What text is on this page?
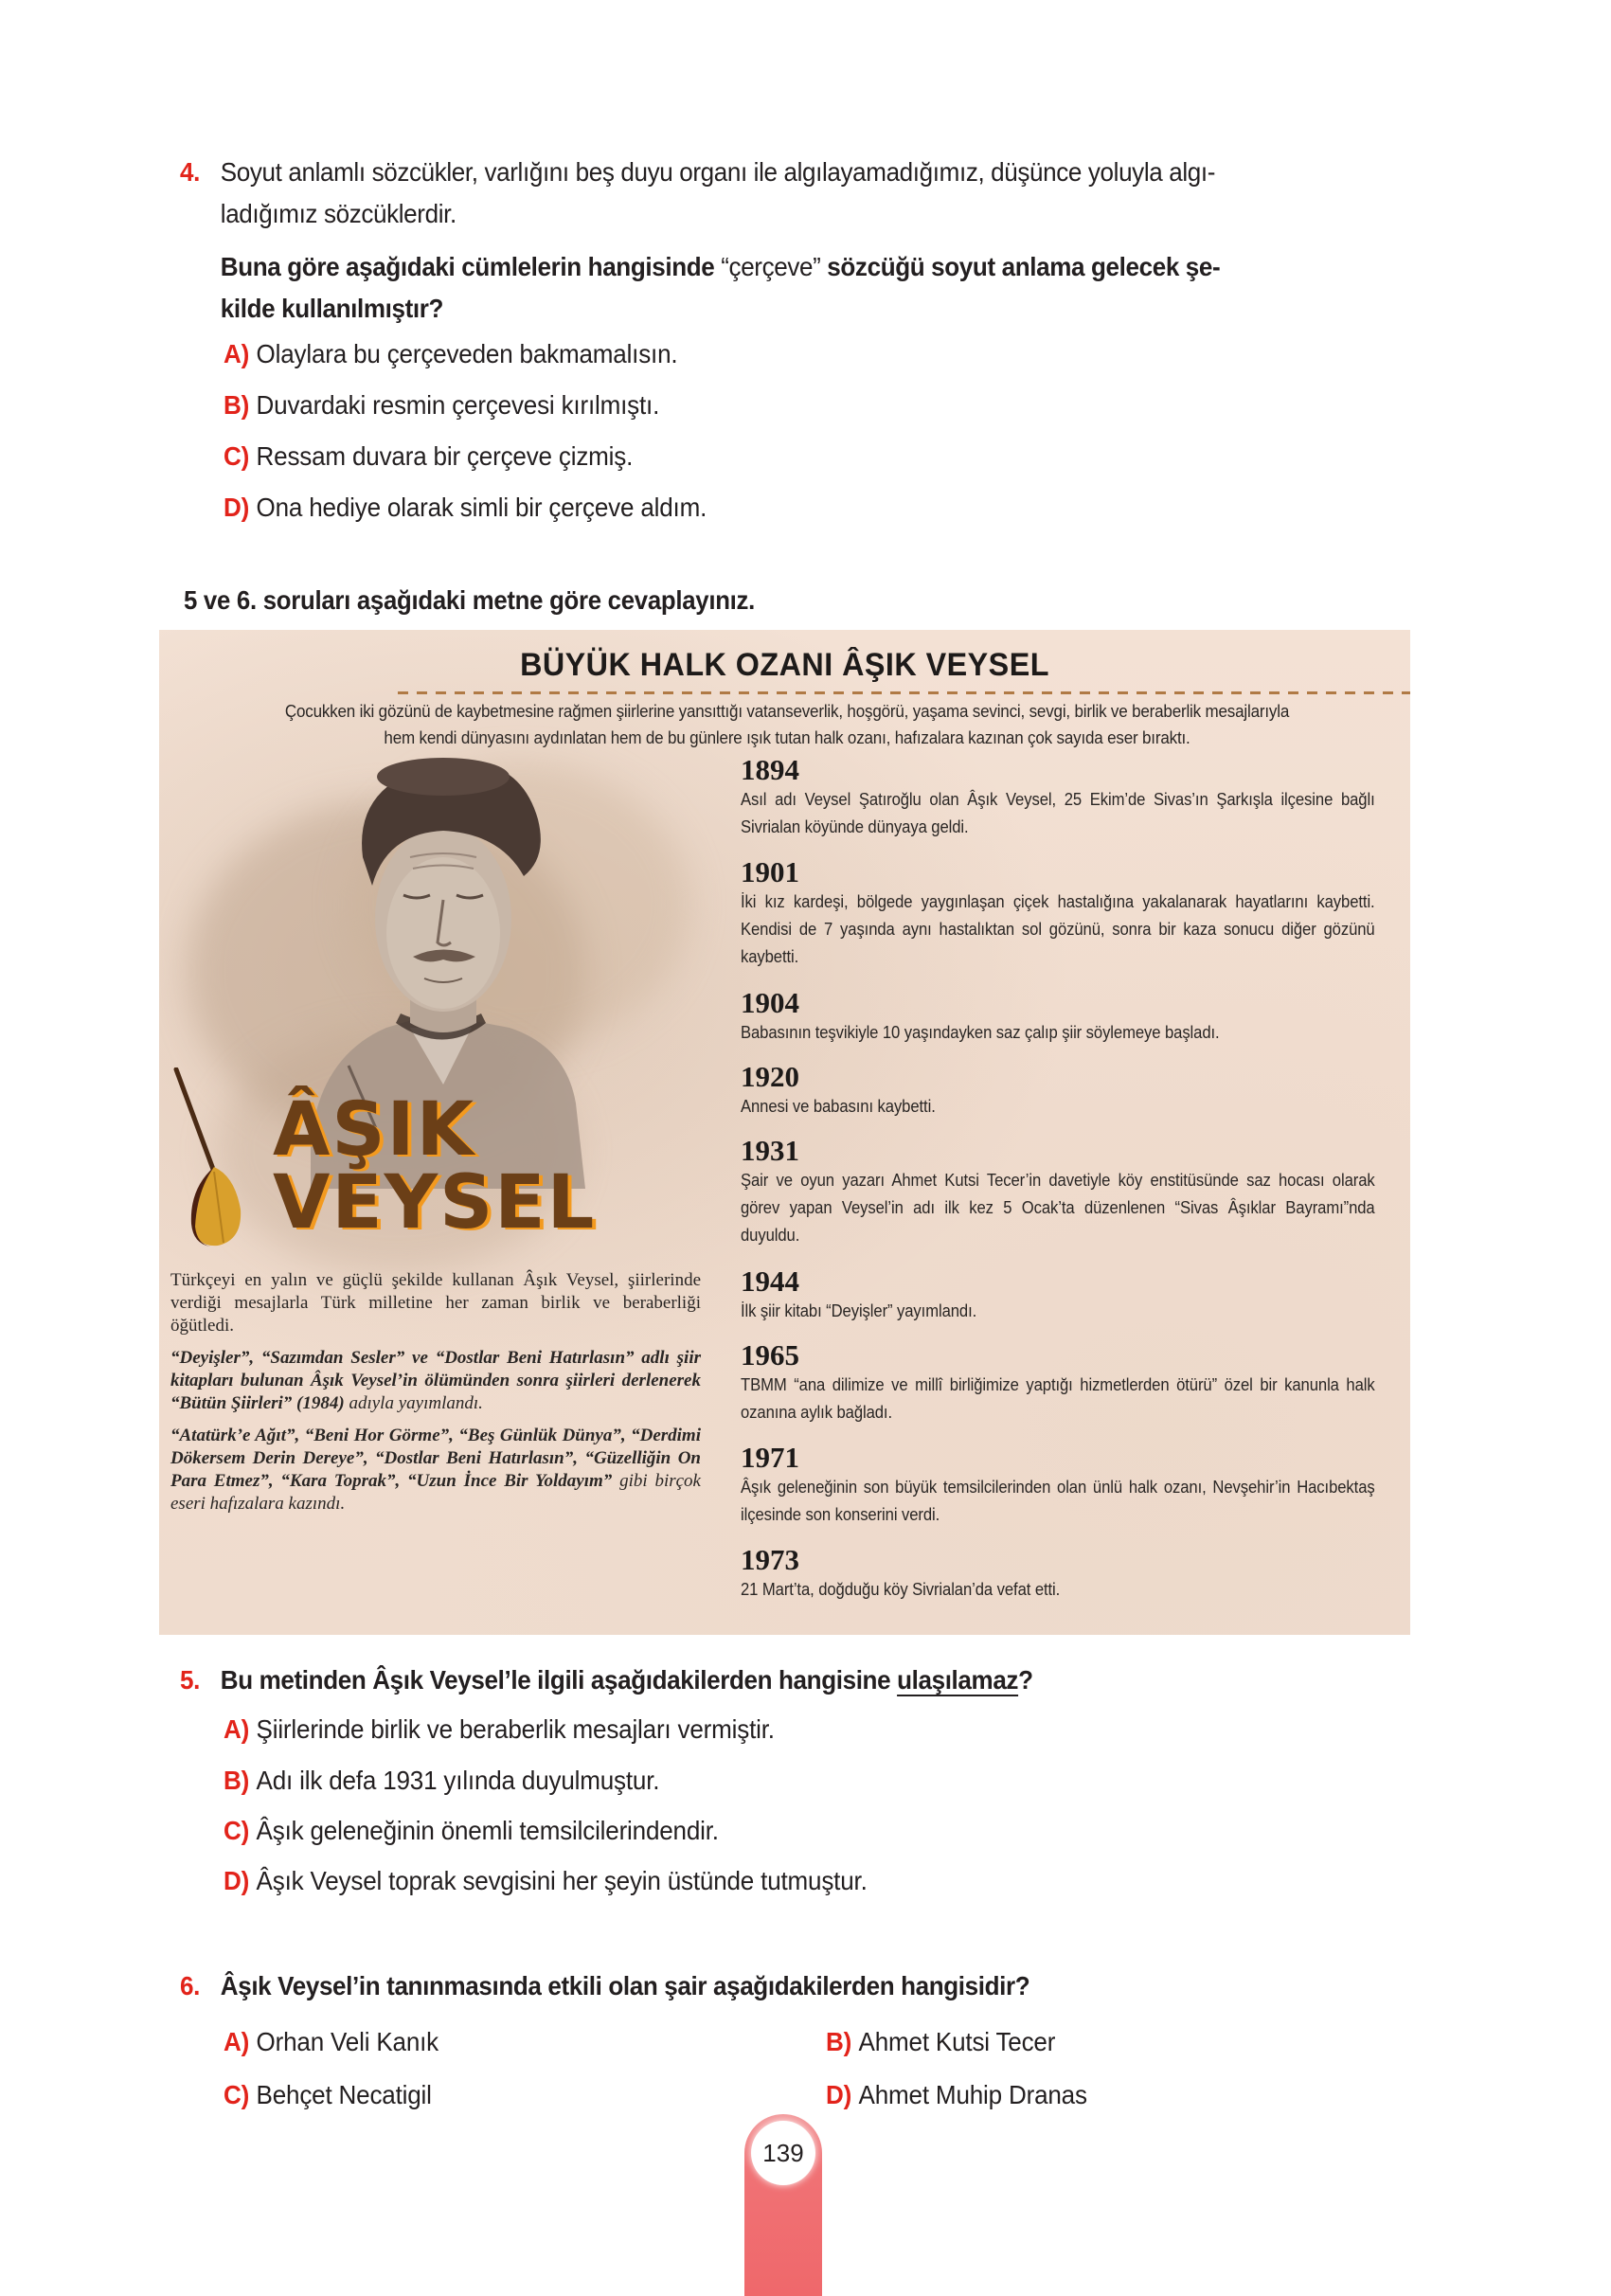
4. Soyut anlamlı sözcükler, varlığını beş duyu organı ile algılayamadığımız, düşünce yoluyla algı-
ladığımız sözcüklerdir.
Buna göre aşağıdaki cümlelerin hangisinde “çerçeve” sözcüğü soyut anlama gelecek şe-
kilde kullanılmıştır?
A) Olaylara bu çerçeveden bakmamalısın.
B) Duvardaki resmin çerçevesi kırılmıştı.
C) Ressam duvara bir çerçeve çizmiş.
D) Ona hediye olarak simli bir çerçeve aldım.
5 ve 6. soruları aşağıdaki metne göre cevaplayınız.
BÜYÜK HALK OZANI ÂŞIK VEYSEL
Çocukken iki gözünü de kaybetmesine rağmen şiirlerine yansıttığı vatanseverlik, hoşgörü, yaşama sevinci, sevgi, birlik ve beraberlik mesajlarıyla
hem kendi dünyasını aydınlatan hem de bu günlere ışık tutan halk ozanı, hafızalara kazınan çok sayıda eser bıraktı.
ÂŞIK
VEYSEL

Türkçeyi en yalın ve güçlü şekilde kullanan Âşık Veysel, şiirlerinde verdiği mesajlarla Türk milletine her zaman birlik ve beraberliği öğütledi.

“Deyişler”, “Sazımdan Sesler” ve “Dostlar Beni Hatırlasın” adlı şiir kitapları bulunan Âşık Veysel’in ölümünden sonra şiirleri derlenerek “Bütün Şiirleri” (1984) adıyla yayımlandı.

“Atatürk’e Ağıt”, “Beni Hor Görme”, “Beş Günlük Dünya”, “Derdimi Dökersem Derin Dereye”, “Dostlar Beni Hatırlasın”, “Güzelliğin On Para Etmez”, “Kara Toprak”, “Uzun İnce Bir Yoldayım” gibi birçok eseri hafızalara kazındı.

1894
Asıl adı Veysel Şatıroğlu olan Âşık Veysel, 25 Ekim’de Sivas’ın Şarkışla ilçesine bağlı Sivrialan köyünde dünyaya geldi.
1901
İki kız kardeşi, bölgede yaygınlaşan çiçek hastalığına yakalanarak hayatlarını kaybetti. Kendisi de 7 yaşında aynı hastalıktan sol gözünü, sonra bir kaza sonucu diğer gözünü kaybetti.
1904
Babasının teşvikiyle 10 yaşındayken saz çalıp şiir söylemeye başladı.
1920
Annesi ve babasını kaybetti.
1931
Şair ve oyun yazarı Ahmet Kutsi Tecer’in davetiyle köy enstitüsünde saz hocası olarak görev yapan Veysel’in adı ilk kez 5 Ocak’ta düzenlenen “Sivas Âşıklar Bayramı”nda duyuldu.
1944
İlk şiir kitabı “Deyişler” yayımlandı.
1965
TBMM “ana dilimize ve millî birliğimize yaptığı hizmetlerden ötürü” özel bir kanunla halk ozanına aylık bağladı.
1971
Âşık geleneğinin son büyük temsilcilerinden olan ünlü halk ozanı, Nevşehir’in Hacıbektaş ilçesinde son konserini verdi.
1973
21 Mart’ta, doğduğu köy Sivrialan’da vefat etti.
5. Bu metinden Âşık Veysel’le ilgili aşağıdakilerden hangisine ulaşılamaz?
A) Şiirlerinde birlik ve beraberlik mesajları vermiştir.
B) Adı ilk defa 1931 yılında duyulmuştur.
C) Âşık geleneğinin önemli temsilcilerindendir.
D) Âşık Veysel toprak sevgisini her şeyin üstünde tutmuştur.
6. Âşık Veysel’in tanınmasında etkili olan şair aşağıdakilerden hangisidir?
A) Orhan Veli Kanık	B) Ahmet Kutsi Tecer
C) Behçet Necatigil	D) Ahmet Muhip Dranas
139
